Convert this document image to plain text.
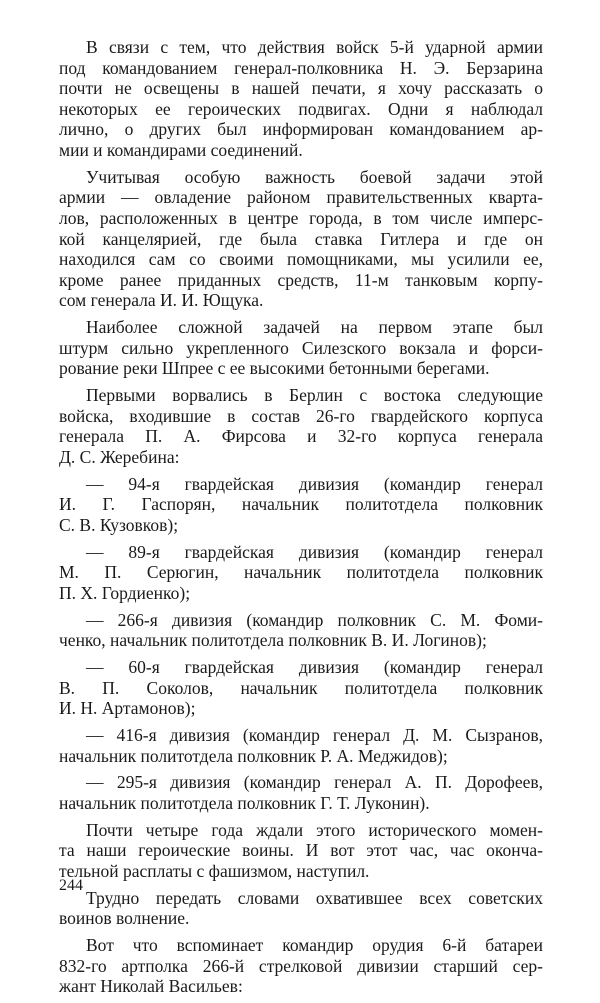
В связи с тем, что действия войск 5-й ударной армии
под командованием генерал-полковника Н. Э. Берзарина
почти не освещены в нашей печати, я хочу рассказать о
некоторых ее героических подвигах. Одни я наблюдал
лично, о других был информирован командованием ар-
мии и командирами соединений.
Учитывая особую важность боевой задачи этой
армии — овладение районом правительственных кварта-
лов, расположенных в центре города, в том числе имперс-
кой канцелярией, где была ставка Гитлера и где он
находился сам со своими помощниками, мы усилили ее,
кроме ранее приданных средств, 11-м танковым корпу-
сом генерала И. И. Ющука.
Наиболее сложной задачей на первом этапе был
штурм сильно укрепленного Силезского вокзала и форси-
рование реки Шпрее с ее высокими бетонными берегами.
Первыми ворвались в Берлин с востока следующие
войска, входившие в состав 26-го гвардейского корпуса
генерала П. А. Фирсова и 32-го корпуса генерала
Д. С. Жеребина:
— 94-я гвардейская дивизия (командир генерал
И. Г. Гаспорян, начальник политотдела полковник
С. В. Кузовков);
— 89-я гвардейская дивизия (командир генерал
М. П. Серюгин, начальник политотдела полковник
П. Х. Гордиенко);
— 266-я дивизия (командир полковник С. М. Фоми-
ченко, начальник политотдела полковник В. И. Логинов);
— 60-я гвардейская дивизия (командир генерал
В. П. Соколов, начальник политотдела полковник
И. Н. Артамонов);
— 416-я дивизия (командир генерал Д. М. Сызранов,
начальник политотдела полковник Р. А. Меджидов);
— 295-я дивизия (командир генерал А. П. Дорофеев,
начальник политотдела полковник Г. Т. Луконин).
Почти четыре года ждали этого исторического момен-
та наши героические воины. И вот этот час, час оконча-
тельной расплаты с фашизмом, наступил.
Трудно передать словами охватившее всех советских
воинов волнение.
Вот что вспоминает командир орудия 6-й батареи
832-го артполка 266-й стрелковой дивизии старший сер-
жант Николай Васильев:
244
